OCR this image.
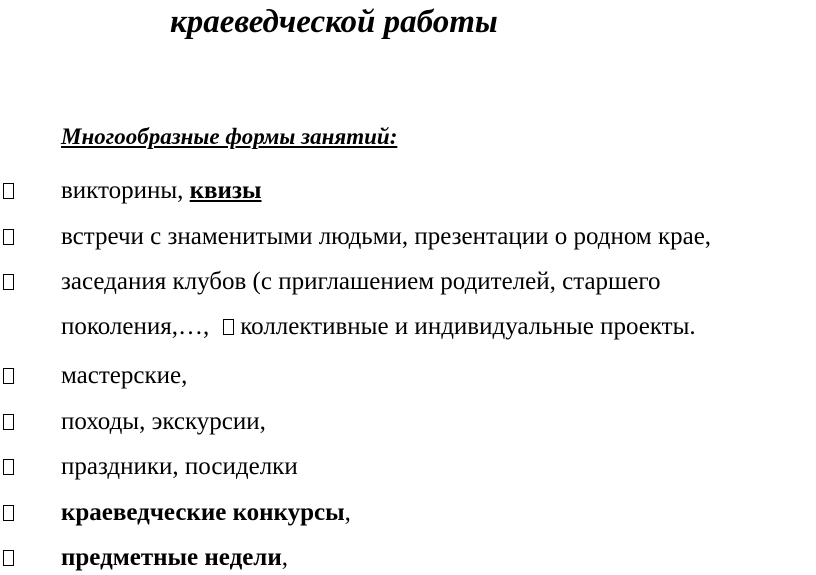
краеведческой работы
Многообразные формы занятий:
викторины, квизы
встречи с знаменитыми людьми, презентации о родном крае,
заседания клубов (с приглашением родителей, старшего
поколения,…, коллективные и индивидуальные проекты.
мастерские,
походы, экскурсии,
праздники, посиделки
краеведческие конкурсы,
предметные недели,
